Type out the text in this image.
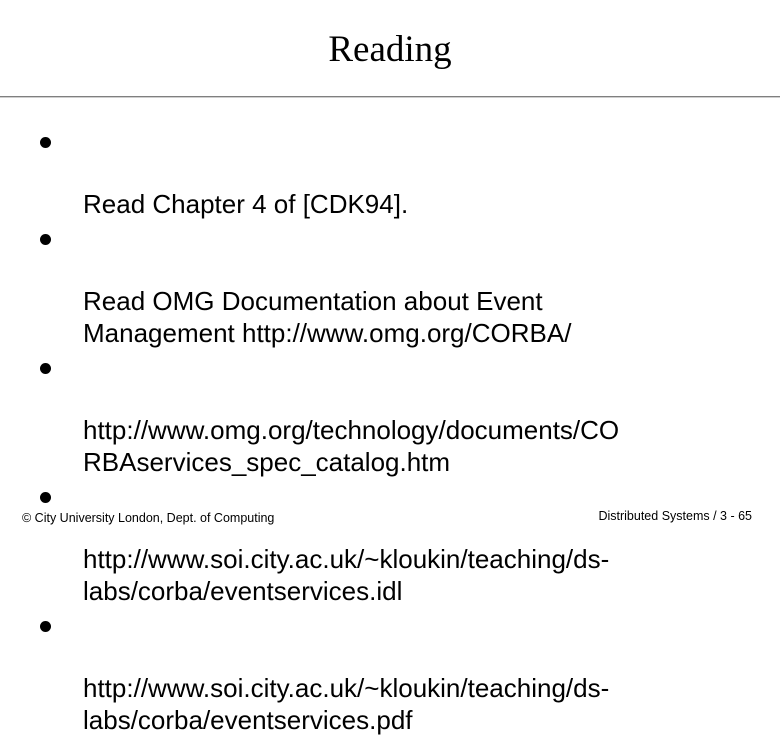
Reading

Read Chapter 4 of [CDK94].

Read OMG Documentation about Event
Management http://www.omg.org/CORBA/

http://www.omg.org/technology/documents/CO
RBAservices_spec_catalog.htm

http://www.soi.city.ac.uk/~kloukin/teaching/ds-
labs/corba/eventservices.idl

http://www.soi.city.ac.uk/~kloukin/teaching/ds-
labs/corba/eventservices.pdf

© City University London, Dept. of Computing	Distributed Systems / 3 - 65
